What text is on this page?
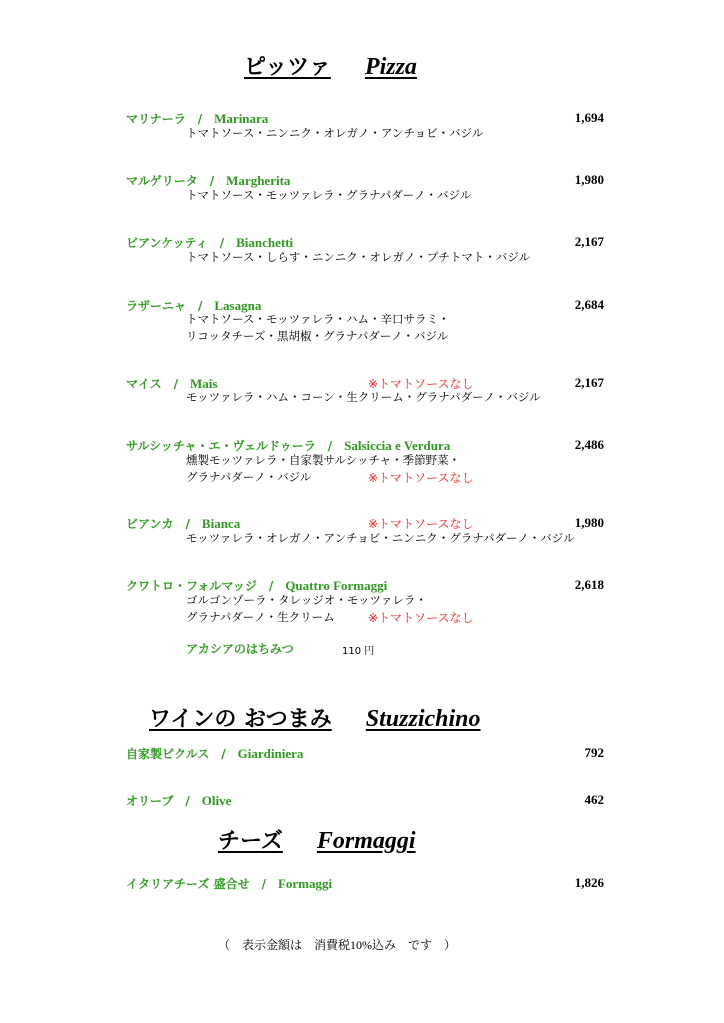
ピッツァ Pizza
マリナーラ　/　Marinara	1,694
トマトソース・ニンニク・オレガノ・アンチョビ・バジル
マルゲリータ　/　Margherita	1,980
トマトソース・モッツァレラ・グラナパダーノ・バジル
ビアンケッティ　/　Bianchetti	2,167
トマトソース・しらす・ニンニク・オレガノ・プチトマト・バジル
ラザーニャ　/　Lasagna	2,684
トマトソース・モッツァレラ・ハム・辛口サラミ・
リコッタチーズ・黒胡椒・グラナパダーノ・バジル
マイス　/　Mais	※トマトソースなし	2,167
モッツァレラ・ハム・コーン・生クリーム・グラナパダーノ・バジル
サルシッチャ・エ・ヴェルドゥーラ　/　Salsiccia e Verdura	2,486
燻製モッツァレラ・自家製サルシッチャ・季節野菜・
グラナパダーノ・バジル	※トマトソースなし
ビアンカ　/　Bianca	※トマトソースなし	1,980
モッツァレラ・オレガノ・アンチョビ・ニンニク・グラナパダーノ・バジル
クワトロ・フォルマッジ　/　Quattro Formaggi	2,618
ゴルゴンゾーラ・タレッジオ・モッツァレラ・
グラナパダーノ・生クリーム	※トマトソースなし
アカシアのはちみつ	110 円
ワインの おつまみ Stuzzichino
自家製ピクルス　/　Giardiniera	792
オリーブ　/　Olive	462
チーズ Formaggi
イタリアチーズ 盛合せ　/　Formaggi	1,826
（　表示金額は　消費税10%込み　です　）
